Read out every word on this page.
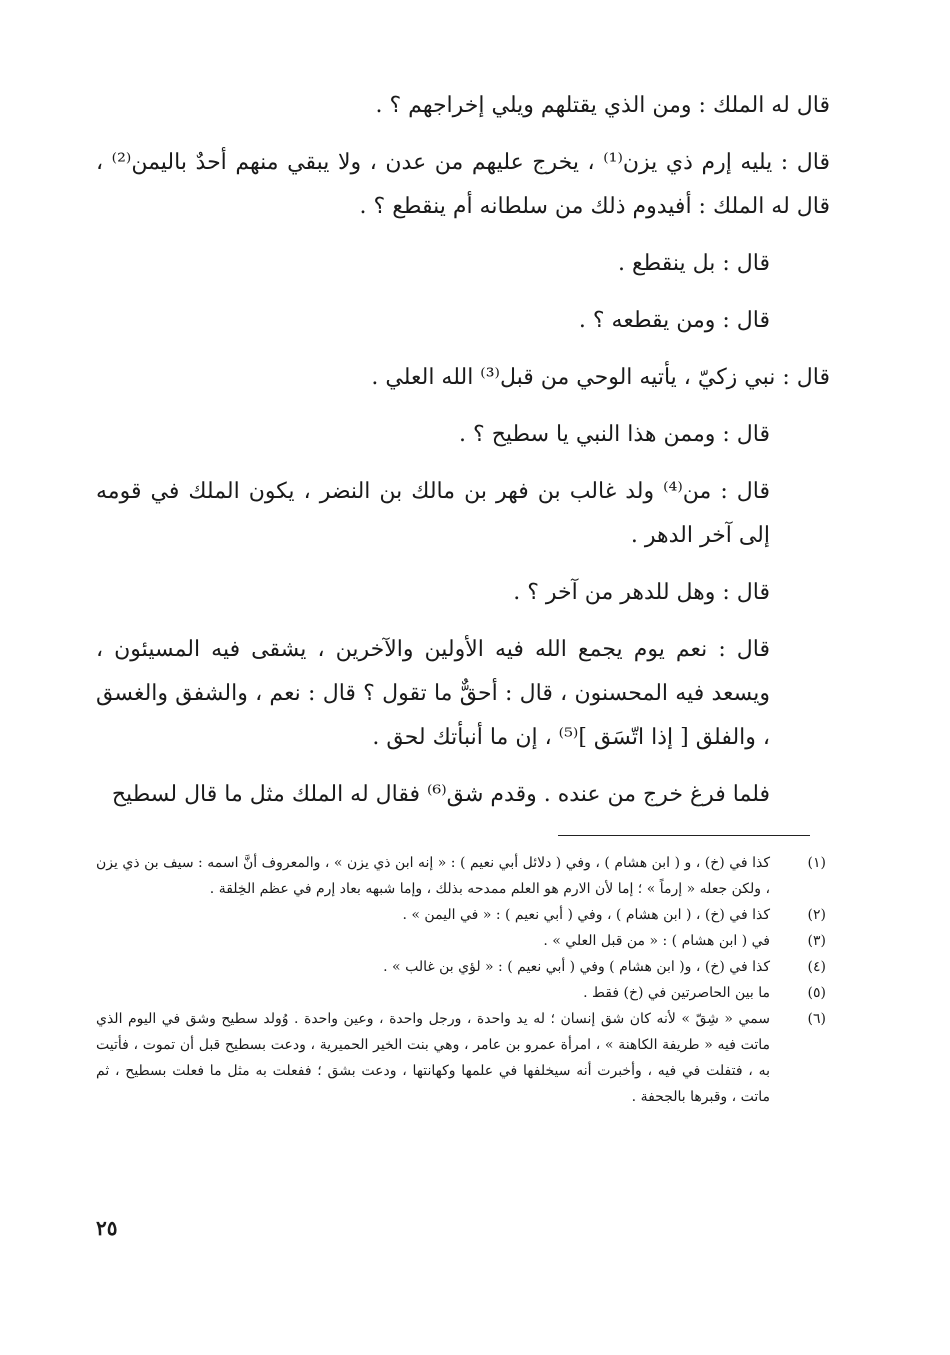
قال له الملك : ومن الذي يقتلهم ويلي إخراجهم ؟ .

قال : يليه إرم ذي يزن⁽¹⁾ ، يخرج عليهم من عدن ، ولا يبقي منهم أحدٌ باليمن⁽²⁾ ، قال له الملك : أفيدوم ذلك من سلطانه أم ينقطع ؟ .

قال : بل ينقطع .

قال : ومن يقطعه ؟ .

قال : نبي زكيّ ، يأتيه الوحي من قبل⁽³⁾ الله العلي .

قال : وممن هذا النبي يا سطيح ؟ .

قال : من⁽⁴⁾ ولد غالب بن فهر بن مالك بن النضر ، يكون الملك في قومه إلى آخر الدهر .

قال : وهل للدهر من آخر ؟ .

قال : نعم يوم يجمع الله فيه الأولين والآخرين ، يشقى فيه المسيئون ، ويسعد فيه المحسنون ، قال : أحقٌّ ما تقول ؟ قال : نعم ، والشفق والغسق ، والفلق [ إذا اتّسَق ]⁽⁵⁾ ، إن ما أنبأتك لحق .

فلما فرغ خرج من عنده . وقدم شق⁽⁶⁾ فقال له الملك مثل ما قال لسطيح

(١)
كذا في (خ) ، و ( ابن هشام ) ، وفي ( دلائل أبي نعيم ) : « إنه ابن ذي يزن » ، والمعروف أنَّ اسمه : سيف بن ذي يزن ، ولكن جعله « إرماً » ؛ إما لأن الارم هو العلم ممدحه بذلك ، وإما شبهه بعاد إرم في عظم الخِلقة .
(٢)
كذا في (خ) ، ( ابن هشام ) ، وفي ( أبي نعيم ) : « في اليمن » .
(٣)
في ( ابن هشام ) : « من قبل العلي » .
(٤)
كذا في (خ) ، و( ابن هشام ) وفي ( أبي نعيم ) : « لؤي بن غالب » .
(٥)
ما بين الحاصرتين في (خ) فقط .
(٦)
سمي « شِقّ » لأنه كان شق إنسان ؛ له يد واحدة ، ورجل واحدة ، وعين واحدة . وُولد سطيح وشق في اليوم الذي ماتت فيه « طريفة الكاهنة » ، امرأة عمرو بن عامر ، وهي بنت الخير الحميرية ، ودعت بسطيح قبل أن تموت ، فأتيت به ، فتفلت في فيه ، وأخبرت أنه سيخلفها في علمها وكهانتها ، ودعت بشق ؛ ففعلت به مثل ما فعلت بسطيح ، ثم ماتت ، وقبرها بالجحفة .
٢٥
